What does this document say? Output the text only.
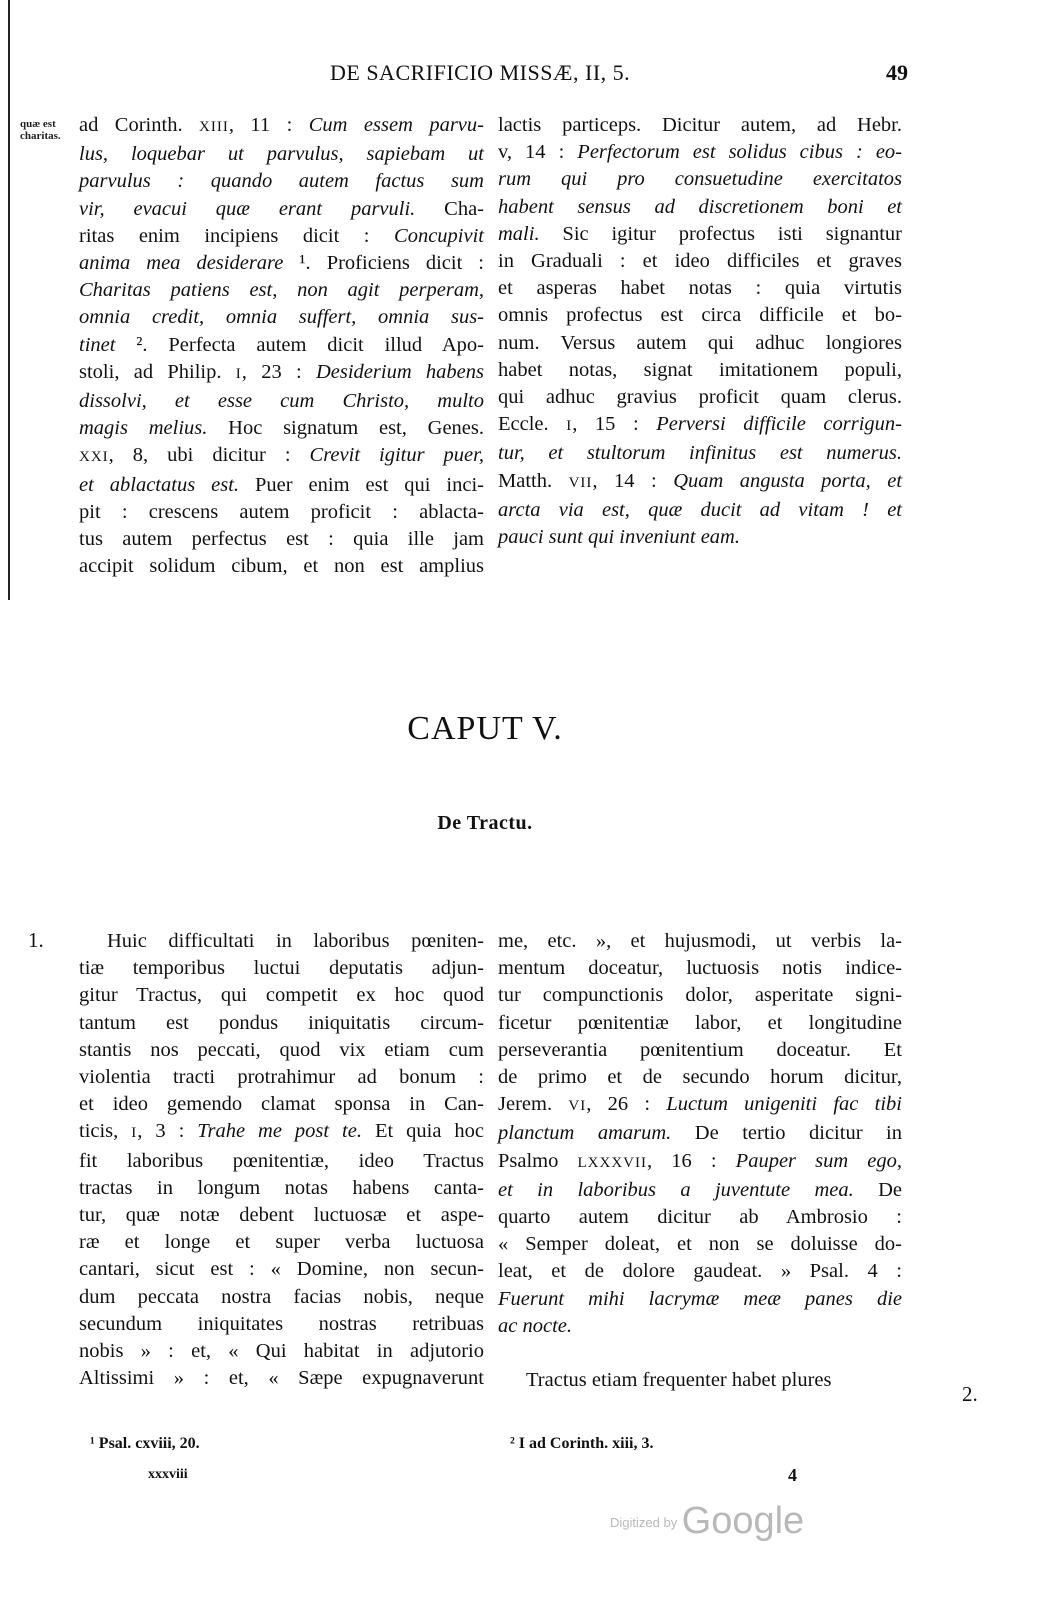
DE SACRIFICIO MISSÆ, II, 5.	49
quæ est
charitas. ad Corinth. XIII, 11 : Cum essem parvu-

lus, loquebar ut parvulus, sapiebam ut

parvulus : quando autem factus sum

vir, evacui quæ erant parvuli. Cha-

ritas enim incipiens dicit : Concupivit

anima mea desiderare ¹. Proficiens dicit :

Charitas patiens est, non agit perperam,

omnia credit, omnia suffert, omnia sus-

tinet ². Perfecta autem dicit illud Apo-

stoli, ad Philip. I, 23 : Desiderium habens

dissolvi, et esse cum Christo, multo

magis melius. Hoc signatum est, Genes.

XXI, 8, ubi dicitur : Crevit igitur puer,

et ablactatus est. Puer enim est qui inci-

pit : crescens autem proficit : ablacta-

tus autem perfectus est : quia ille jam

accipit solidum cibum, et non est amplius

lactis particeps. Dicitur autem, ad Hebr.

v, 14 : Perfectorum est solidus cibus : eo-

rum qui pro consuetudine exercitatos

habent sensus ad discretionem boni et

mali. Sic igitur profectus isti signantur

in Graduali : et ideo difficiles et graves

et asperas habet notas : quia virtutis

omnis profectus est circa difficile et bo-

num. Versus autem qui adhuc longiores

habet notas, signat imitationem populi,

qui adhuc gravius proficit quam clerus.

Eccle. I, 15 : Perversi difficile corrigun-

tur, et stultorum infinitus est numerus.

Matth. VII, 14 : Quam angusta porta, et

arcta via est, quæ ducit ad vitam ! et

pauci sunt qui inveniunt eam.

CAPUT V.
De Tractu.
1.	Huic difficultati in laboribus pœniten-

tiæ temporibus luctui deputatis adjun-

gitur Tractus, qui competit ex hoc quod

tantum est pondus iniquitatis circum-

stantis nos peccati, quod vix etiam cum

violentia tracti protrahimur ad bonum :

et ideo gemendo clamat sponsa in Can-

ticis, I, 3 : Trahe me post te. Et quia hoc

fit laboribus pœnitentiæ, ideo Tractus

tractas in longum notas habens canta-

tur, quæ notæ debent luctuosæ et aspe-

ræ et longe et super verba luctuosa

cantari, sicut est : « Domine, non secun-

dum peccata nostra facias nobis, neque

secundum iniquitates nostras retribuas

nobis » : et, « Qui habitat in adjutorio

Altissimi » : et, « Sæpe expugnaverunt

me, etc. », et hujusmodi, ut verbis la-

mentum doceatur, luctuosis notis indice-

tur compunctionis dolor, asperitate signi-

ficetur pœnitentiæ labor, et longitudine

perseverantia pœnitentium doceatur. Et

de primo et de secundo horum dicitur,

Jerem. VI, 26 : Luctum unigeniti fac tibi

planctum amarum. De tertio dicitur in

Psalmo LXXXVII, 16 : Pauper sum ego,

et in laboribus a juventute mea. De

quarto autem dicitur ab Ambrosio :

« Semper doleat, et non se doluisse do-

leat, et de dolore gaudeat. » Psal. 4 :

Fuerunt mihi lacrymæ meæ panes die

ac nocte.

Tractus etiam frequenter habet plures

2.
¹ Psal. cxviii, 20.	² I ad Corinth. xiii, 3.
xxxviii	4
$^{Digitized by}$ Google
